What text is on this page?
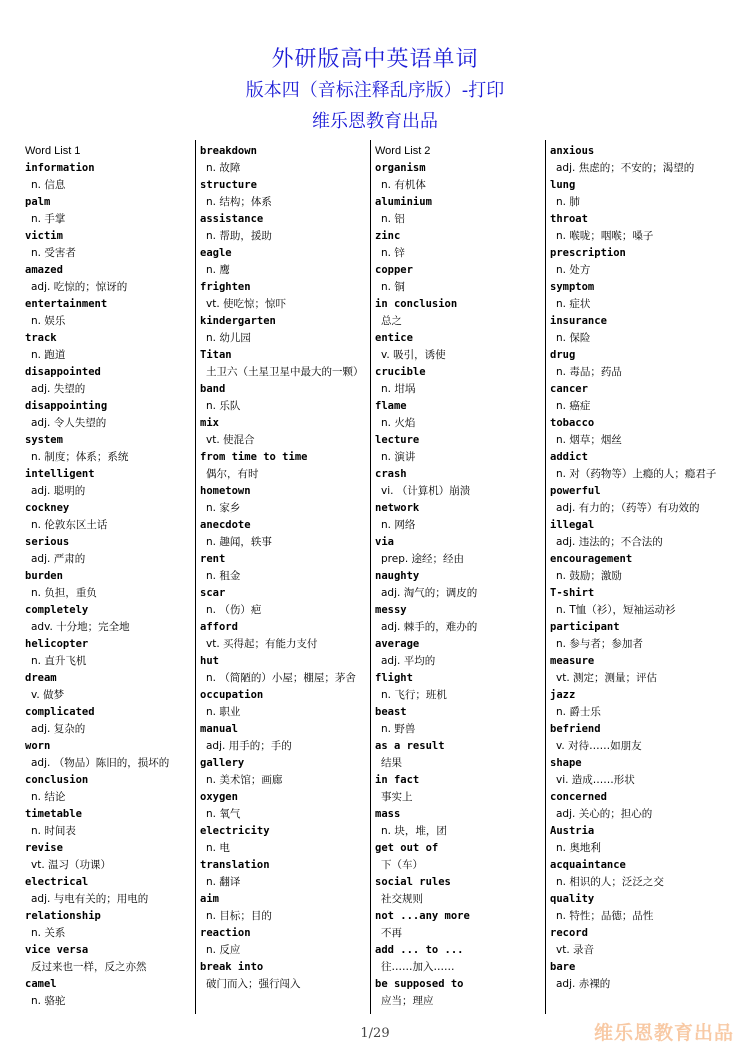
外研版高中英语单词
版本四（音标注释乱序版）-打印
维乐恩教育出品
Word List 1
information
n. 信息
palm
n. 手掌
victim
n. 受害者
amazed
adj. 吃惊的；惊讶的
entertainment
n. 娱乐
track
n. 跑道
disappointed
adj. 失望的
disappointing
adj. 令人失望的
system
n. 制度；体系；系统
intelligent
adj. 聪明的
cockney
n. 伦敦东区土话
serious
adj. 严肃的
burden
n. 负担，重负
completely
adv. 十分地；完全地
helicopter
n. 直升飞机
dream
v. 做梦
complicated
adj. 复杂的
worn
adj. （物品）陈旧的，损坏的
conclusion
n. 结论
timetable
n. 时间表
revise
vt. 温习（功课）
electrical
adj. 与电有关的；用电的
relationship
n. 关系
vice versa
反过来也一样，反之亦然
camel
n. 骆驼
breakdown
n. 故障
structure
n. 结构；体系
assistance
n. 帮助，援助
eagle
n. 鹰
frighten
vt. 使吃惊；惊吓
kindergarten
n. 幼儿园
Titan
土卫六（土星卫星中最大的一颗）
band
n. 乐队
mix
vt. 使混合
from time to time
偶尔，有时
hometown
n. 家乡
anecdote
n. 趣闻，轶事
rent
n. 租金
scar
n. （伤）疤
afford
vt. 买得起；有能力支付
hut
n. （简陋的）小屋；棚屋；茅舍
occupation
n. 职业
manual
adj. 用手的；手的
gallery
n. 美术馆；画廊
oxygen
n. 氧气
electricity
n. 电
translation
n. 翻译
aim
n. 目标；目的
reaction
n. 反应
break into
破门而入；强行闯入
Word List 2
organism
n. 有机体
aluminium
n. 铝
zinc
n. 锌
copper
n. 铜
in conclusion
总之
entice
v. 吸引，诱使
crucible
n. 坩埚
flame
n. 火焰
lecture
n. 演讲
crash
vi. （计算机）崩溃
network
n. 网络
via
prep. 途经；经由
naughty
adj. 淘气的；调皮的
messy
adj. 棘手的，难办的
average
adj. 平均的
flight
n. 飞行；班机
beast
n. 野兽
as a result
结果
in fact
事实上
mass
n. 块，堆，团
get out of
下（车）
social rules
社交规则
not ...any more
不再
add ... to ...
往……加入……
be supposed to
应当；理应
anxious
adj. 焦虑的；不安的；渴望的
lung
n. 肺
throat
n. 喉咙；咽喉；嗓子
prescription
n. 处方
symptom
n. 症状
insurance
n. 保险
drug
n. 毒品；药品
cancer
n. 癌症
tobacco
n. 烟草；烟丝
addict
n. 对（药物等）上瘾的人；瘾君子
powerful
adj. 有力的；（药等）有功效的
illegal
adj. 违法的；不合法的
encouragement
n. 鼓励；激励
T-shirt
n. T恤（衫），短袖运动衫
participant
n. 参与者；参加者
measure
vt. 测定；测量；评估
jazz
n. 爵士乐
befriend
v. 对待……如朋友
shape
vi. 造成……形状
concerned
adj. 关心的；担心的
Austria
n. 奥地利
acquaintance
n. 相识的人；泛泛之交
quality
n. 特性；品德；品性
record
vt. 录音
bare
adj. 赤裸的
1/29	维乐恩教育出品
